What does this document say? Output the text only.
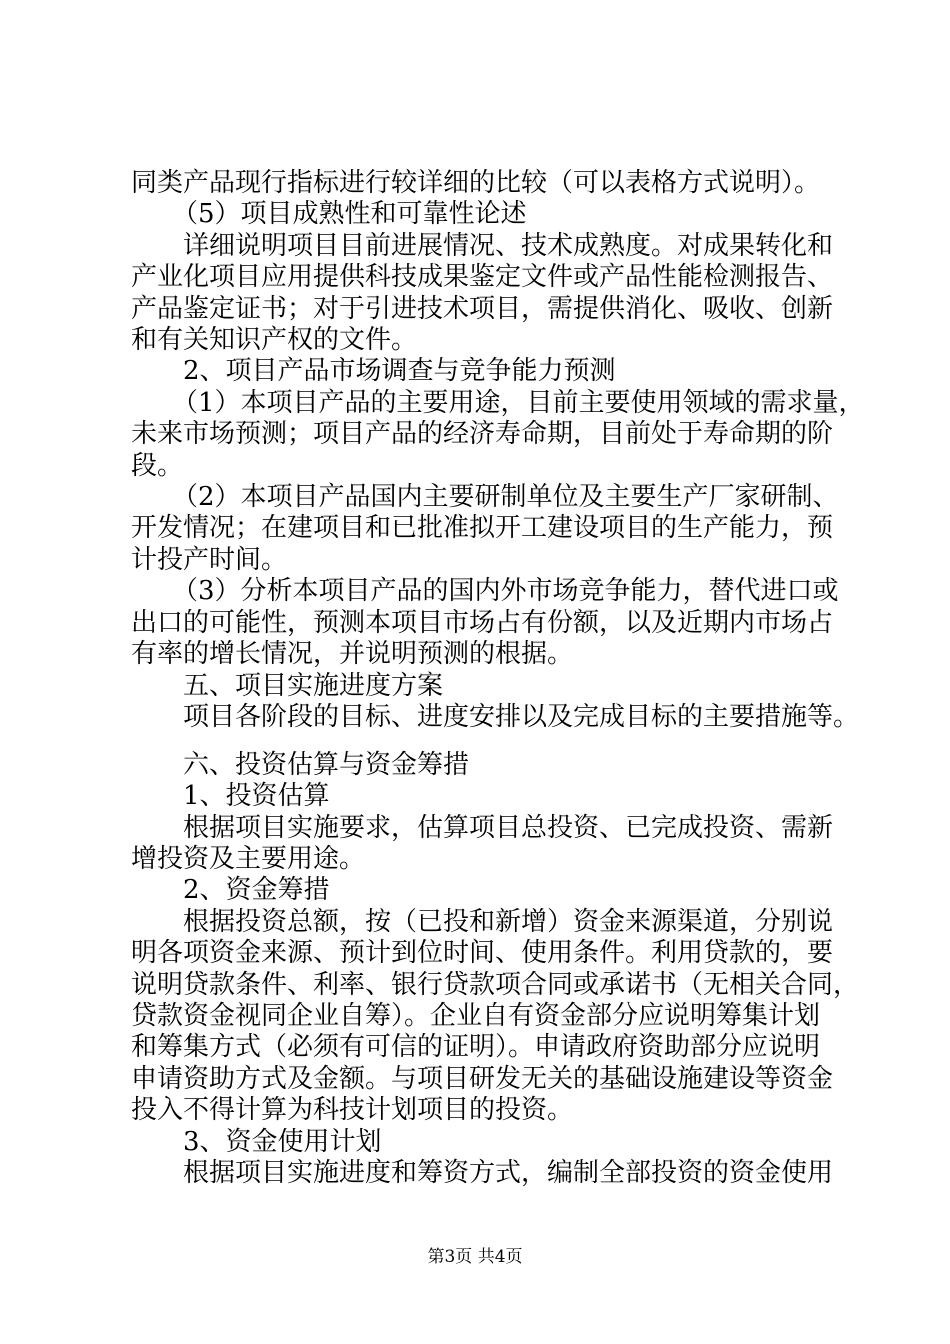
同类产品现行指标进行较详细的比较（可以表格方式说明）。

（5）项目成熟性和可靠性论述

详细说明项目目前进展情况、技术成熟度。对成果转化和

产业化项目应用提供科技成果鉴定文件或产品性能检测报告、

产品鉴定证书；对于引进技术项目，需提供消化、吸收、创新

和有关知识产权的文件。

2、项目产品市场调查与竞争能力预测

（1）本项目产品的主要用途，目前主要使用领域的需求量，

未来市场预测；项目产品的经济寿命期，目前处于寿命期的阶

段。

（2）本项目产品国内主要研制单位及主要生产厂家研制、

开发情况；在建项目和已批准拟开工建设项目的生产能力，预

计投产时间。

（3）分析本项目产品的国内外市场竞争能力，替代进口或

出口的可能性，预测本项目市场占有份额，以及近期内市场占

有率的增长情况，并说明预测的根据。

五、项目实施进度方案

项目各阶段的目标、进度安排以及完成目标的主要措施等。

六、投资估算与资金筹措

1、投资估算

根据项目实施要求，估算项目总投资、已完成投资、需新

增投资及主要用途。

2、资金筹措

根据投资总额，按（已投和新增）资金来源渠道，分别说

明各项资金来源、预计到位时间、使用条件。利用贷款的，要

说明贷款条件、利率、银行贷款项合同或承诺书（无相关合同，

贷款资金视同企业自筹）。企业自有资金部分应说明筹集计划

和筹集方式（必须有可信的证明）。申请政府资助部分应说明

申请资助方式及金额。与项目研发无关的基础设施建设等资金

投入不得计算为科技计划项目的投资。

3、资金使用计划

根据项目实施进度和筹资方式，编制全部投资的资金使用

第3页 共4页
